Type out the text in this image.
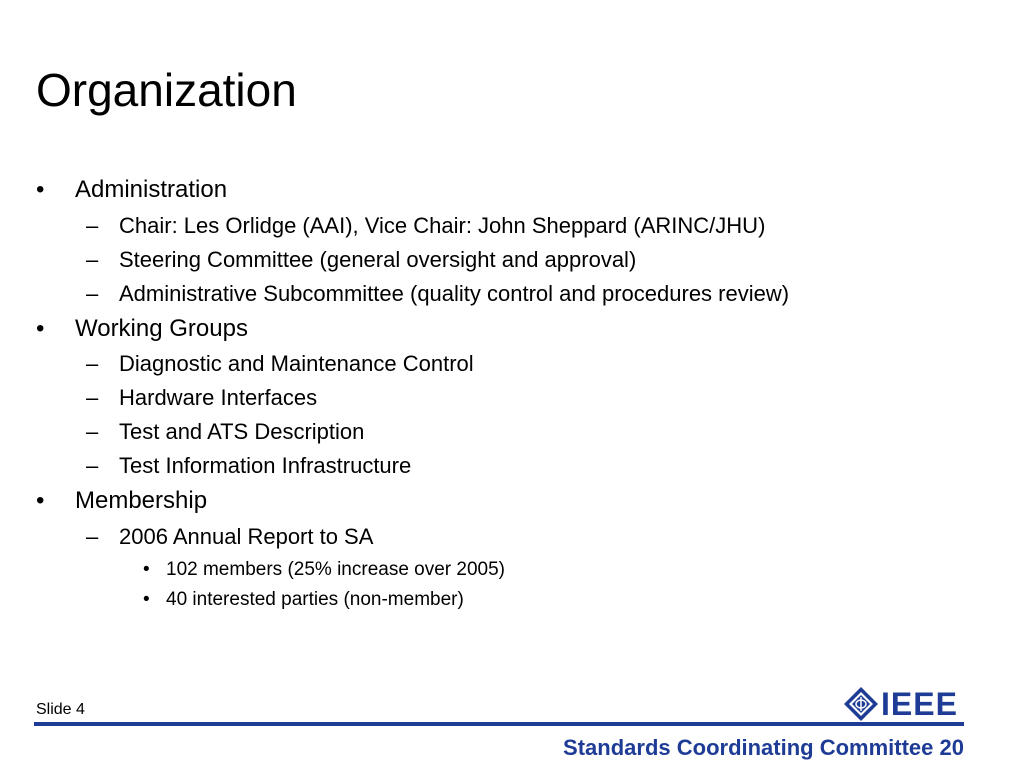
Organization
• Administration
– Chair: Les Orlidge (AAI), Vice Chair: John Sheppard (ARINC/JHU)
– Steering Committee (general oversight and approval)
– Administrative Subcommittee (quality control and procedures review)
• Working Groups
– Diagnostic and Maintenance Control
– Hardware Interfaces
– Test and ATS Description
– Test Information Infrastructure
• Membership
– 2006 Annual Report to SA
• 102 members (25% increase over 2005)
• 40 interested parties (non-member)
Slide 4	IEEE
Standards Coordinating Committee 20
